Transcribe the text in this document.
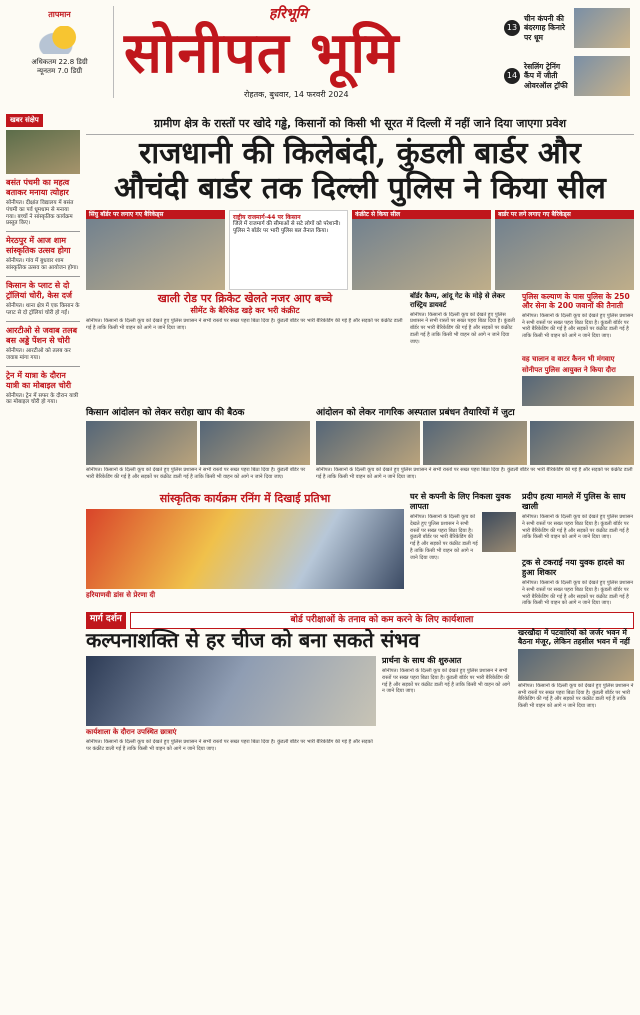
तापमान
अधिकतम 22.8 डिग्री
न्यूनतम 7.0 डिग्री
हरिभूमि
सोनीपत भूमि
रोहतक, बुधवार, 14 फरवरी 2024
13
चीन कंपनी की बंदरगाह किनारे पर धूम
14
रेसलिंग ट्रेनिंग कैंप में जीती ओवरऑल ट्रॉफी
खबर संक्षेप
बसंत पंचमी का महत्व बताकर मनाया त्योहार
सोनीपत। दीक्षांत विद्यालय में बसंत पंचमी का पर्व धूमधाम से मनाया गया। बच्चों ने सांस्कृतिक कार्यक्रम प्रस्तुत किए।
मेरठपुर में आज शाम सांस्कृतिक उत्सव होगा
सोनीपत। गांव में बुधवार शाम सांस्कृतिक उत्सव का आयोजन होगा।
किसान के प्लाट से दो ट्रॉलियां चोरी, केस दर्ज
सोनीपत। थाना क्षेत्र में एक किसान के प्लाट से दो ट्रॉलियां चोरी हो गईं।
आरटीओ से जवाब तलब बस अड्डे पेंशन से चोरी
सोनीपत। आरटीओ को तलब कर जवाब मांगा गया।
ट्रेन में यात्रा के दौरान यात्री का मोबाइल चोरी
सोनीपत। ट्रेन में सफर के दौरान यात्री का मोबाइल चोरी हो गया।
ग्रामीण क्षेत्र के रास्तों पर खोदे गड्ढे, किसानों को किसी भी सूरत में दिल्ली में नहीं जाने दिया जाएगा प्रवेश
राजधानी की किलेबंदी, कुंडली बार्डर और
औचंदी बार्डर तक दिल्ली पुलिस ने किया सील
सिंघु बॉर्डर पर लगाए गए बैरिकेड्स	राष्ट्रीय राजमार्ग-44 पर किसान
जिले में राजमार्ग की सीमाओं से सटे लोगों को परेशानी। पुलिस ने बॉर्डर पर भारी पुलिस बल तैनात किया।
कंक्रीट से किया सील	बार्डर पर लगे लगाए गए बैरिकेड्स
खाली रोड पर क्रिकेट खेलते नजर आए बच्चे
सीमेंट के बैरिकेड खड़े कर भरी कंक्रीट
सोनीपत। किसानों के दिल्ली कूच को देखते हुए पुलिस प्रशासन ने सभी रास्तों पर सख्त पहरा बिठा दिया है। कुंडली बॉर्डर पर भारी बैरिकेडिंग की गई है और सड़कों पर कंक्रीट डाली गई है ताकि किसी भी वाहन को आगे न जाने दिया जाए।
बॉर्डर कैम्प, आंदू गेट के मोड़े से लेकर रास्ट्रिय डायवर्ट
सोनीपत। किसानों के दिल्ली कूच को देखते हुए पुलिस प्रशासन ने सभी रास्तों पर सख्त पहरा बिठा दिया है। कुंडली बॉर्डर पर भारी बैरिकेडिंग की गई है और सड़कों पर कंक्रीट डाली गई है ताकि किसी भी वाहन को आगे न जाने दिया जाए।
पुलिस कल्याण के पास पुलिस के 250 और सेना के 200 जवानों की तैनाती
सोनीपत। किसानों के दिल्ली कूच को देखते हुए पुलिस प्रशासन ने सभी रास्तों पर सख्त पहरा बिठा दिया है। कुंडली बॉर्डर पर भारी बैरिकेडिंग की गई है और सड़कों पर कंक्रीट डाली गई है ताकि किसी भी वाहन को आगे न जाने दिया जाए।
वह चालान व वाटर कैनन भी मंगवाए
सोनीपत पुलिस आयुक्त ने किया दौरा
किसान आंदोलन को लेकर सरोहा खाप की बैठक
सोनीपत। किसानों के दिल्ली कूच को देखते हुए पुलिस प्रशासन ने सभी रास्तों पर सख्त पहरा बिठा दिया है। कुंडली बॉर्डर पर भारी बैरिकेडिंग की गई है और सड़कों पर कंक्रीट डाली गई है ताकि किसी भी वाहन को आगे न जाने दिया जाए।
आंदोलन को लेकर नागरिक अस्पताल प्रबंधन तैयारियों में जुटा
सोनीपत। किसानों के दिल्ली कूच को देखते हुए पुलिस प्रशासन ने सभी रास्तों पर सख्त पहरा बिठा दिया है। कुंडली बॉर्डर पर भारी बैरिकेडिंग की गई है और सड़कों पर कंक्रीट डाली गई है ताकि किसी भी वाहन को आगे न जाने दिया जाए।
सांस्कृतिक कार्यक्रम रनिंग में दिखाई प्रतिभा
हरियाणवी डांस से प्रेरणा दी
घर से कपनी के लिए निकला युवक लापता
सोनीपत। किसानों के दिल्ली कूच को देखते हुए पुलिस प्रशासन ने सभी रास्तों पर सख्त पहरा बिठा दिया है। कुंडली बॉर्डर पर भारी बैरिकेडिंग की गई है और सड़कों पर कंक्रीट डाली गई है ताकि किसी भी वाहन को आगे न जाने दिया जाए।
प्रदीप हत्या मामले में पुलिस के साथ खाली
सोनीपत। किसानों के दिल्ली कूच को देखते हुए पुलिस प्रशासन ने सभी रास्तों पर सख्त पहरा बिठा दिया है। कुंडली बॉर्डर पर भारी बैरिकेडिंग की गई है और सड़कों पर कंक्रीट डाली गई है ताकि किसी भी वाहन को आगे न जाने दिया जाए।
ट्रक से टकराई नया युवक हादसे का हुआ शिकार
सोनीपत। किसानों के दिल्ली कूच को देखते हुए पुलिस प्रशासन ने सभी रास्तों पर सख्त पहरा बिठा दिया है। कुंडली बॉर्डर पर भारी बैरिकेडिंग की गई है और सड़कों पर कंक्रीट डाली गई है ताकि किसी भी वाहन को आगे न जाने दिया जाए।
मार्ग दर्शन	बोर्ड परीक्षाओं के तनाव को कम करने के लिए कार्यशाला
कल्पनाशक्ति से हर चीज को बना सकते संभव
कार्यशाला के दौरान उपस्थित छात्राएं
सोनीपत। किसानों के दिल्ली कूच को देखते हुए पुलिस प्रशासन ने सभी रास्तों पर सख्त पहरा बिठा दिया है। कुंडली बॉर्डर पर भारी बैरिकेडिंग की गई है और सड़कों पर कंक्रीट डाली गई है ताकि किसी भी वाहन को आगे न जाने दिया जाए।
प्रार्थना के साथ की शुरुआत
सोनीपत। किसानों के दिल्ली कूच को देखते हुए पुलिस प्रशासन ने सभी रास्तों पर सख्त पहरा बिठा दिया है। कुंडली बॉर्डर पर भारी बैरिकेडिंग की गई है और सड़कों पर कंक्रीट डाली गई है ताकि किसी भी वाहन को आगे न जाने दिया जाए।
खरखौदा में पटवारियों को जर्जर भवन में बैठना मंजूर, लेकिन तहसील भवन में नहीं
सोनीपत। किसानों के दिल्ली कूच को देखते हुए पुलिस प्रशासन ने सभी रास्तों पर सख्त पहरा बिठा दिया है। कुंडली बॉर्डर पर भारी बैरिकेडिंग की गई है और सड़कों पर कंक्रीट डाली गई है ताकि किसी भी वाहन को आगे न जाने दिया जाए।
